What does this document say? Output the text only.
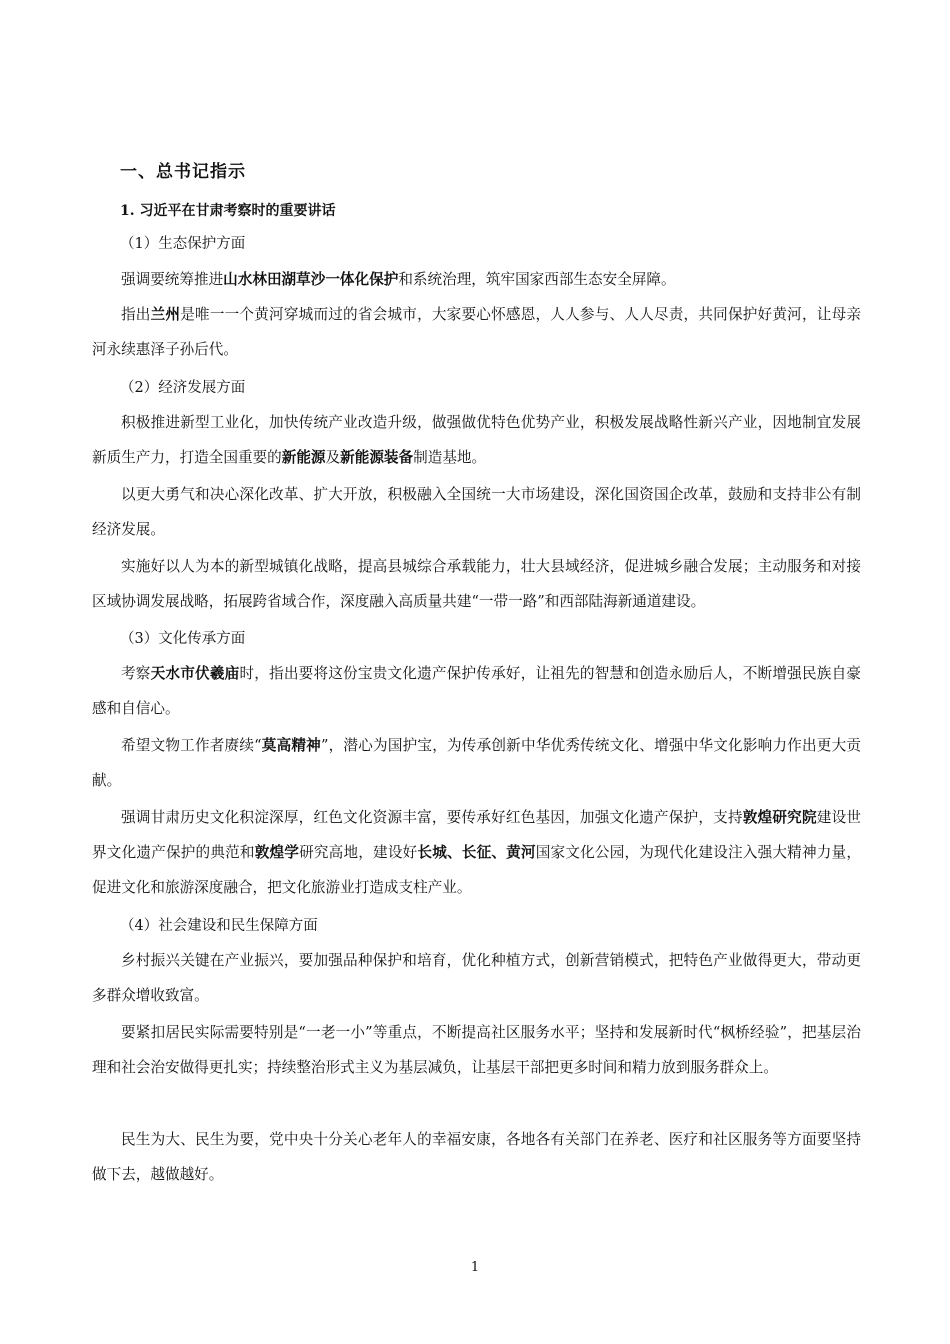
一、总书记指示
1. 习近平在甘肃考察时的重要讲话
（1）生态保护方面

强调要统筹推进山水林田湖草沙一体化保护和系统治理，筑牢国家西部生态安全屏障。

指出兰州是唯一一个黄河穿城而过的省会城市，大家要心怀感恩，人人参与、人人尽责，共同保护好黄河，让母亲河永续惠泽子孙后代。

（2）经济发展方面

积极推进新型工业化，加快传统产业改造升级，做强做优特色优势产业，积极发展战略性新兴产业，因地制宜发展新质生产力，打造全国重要的新能源及新能源装备制造基地。

以更大勇气和决心深化改革、扩大开放，积极融入全国统一大市场建设，深化国资国企改革，鼓励和支持非公有制经济发展。

实施好以人为本的新型城镇化战略，提高县城综合承载能力，壮大县域经济，促进城乡融合发展；主动服务和对接区域协调发展战略，拓展跨省域合作，深度融入高质量共建“一带一路”和西部陆海新通道建设。

（3）文化传承方面

考察天水市伏羲庙时，指出要将这份宝贵文化遗产保护传承好，让祖先的智慧和创造永励后人，不断增强民族自豪感和自信心。

希望文物工作者赓续“莫高精神”，潜心为国护宝，为传承创新中华优秀传统文化、增强中华文化影响力作出更大贡献。

强调甘肃历史文化积淀深厚，红色文化资源丰富，要传承好红色基因，加强文化遗产保护，支持敦煌研究院建设世界文化遗产保护的典范和敦煌学研究高地，建设好长城、长征、黄河国家文化公园，为现代化建设注入强大精神力量，促进文化和旅游深度融合，把文化旅游业打造成支柱产业。

（4）社会建设和民生保障方面

乡村振兴关键在产业振兴，要加强品种保护和培育，优化种植方式，创新营销模式，把特色产业做得更大，带动更多群众增收致富。

要紧扣居民实际需要特别是“一老一小”等重点，不断提高社区服务水平；坚持和发展新时代“枫桥经验”，把基层治理和社会治安做得更扎实；持续整治形式主义为基层减负，让基层干部把更多时间和精力放到服务群众上。

民生为大、民生为要，党中央十分关心老年人的幸福安康，各地各有关部门在养老、医疗和社区服务等方面要坚持做下去，越做越好。

1
